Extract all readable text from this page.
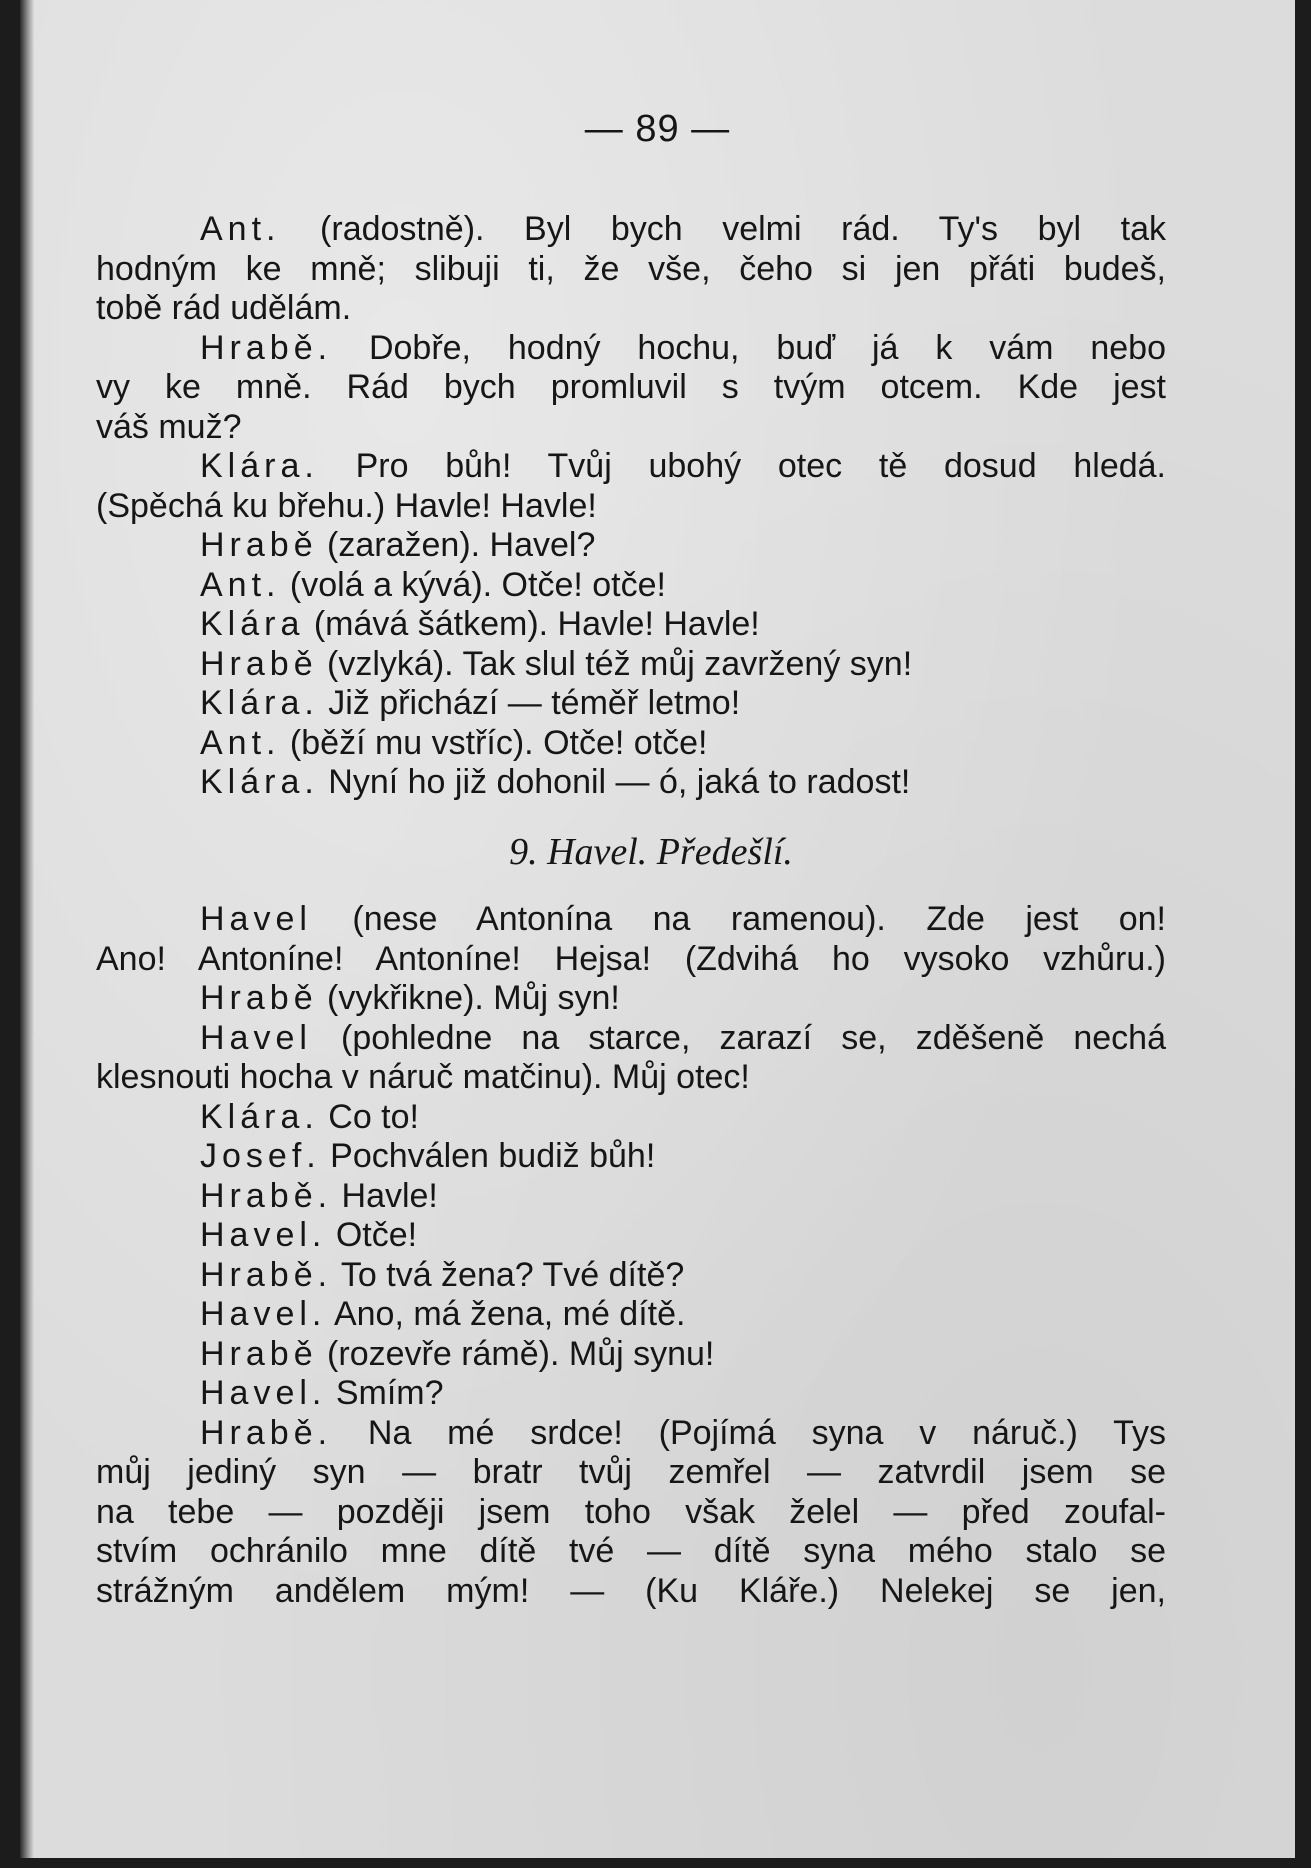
— 89 —
Ant. (radostně). Byl bych velmi rád. Ty's byl tak
hodným ke mně; slibuji ti, že vše, čeho si jen přáti budeš,
tobě rád udělám.
Hrabě. Dobře, hodný hochu, buď já k vám nebo
vy ke mně. Rád bych promluvil s tvým otcem. Kde jest
váš muž?
Klára. Pro bůh! Tvůj ubohý otec tě dosud hledá.
(Spěchá ku břehu.) Havle! Havle!
Hrabě (zaražen). Havel?
Ant. (volá a kývá). Otče! otče!
Klára (mává šátkem). Havle! Havle!
Hrabě (vzlyká). Tak slul též můj zavržený syn!
Klára. Již přichází — téměř letmo!
Ant. (běží mu vstříc). Otče! otče!
Klára. Nyní ho již dohonil — ó, jaká to radost!
9. Havel. Předešlí.
Havel (nese Antonína na ramenou). Zde jest on!
Ano! Antoníne! Antoníne! Hejsa! (Zdvihá ho vysoko vzhůru.)
Hrabě (vykřikne). Můj syn!
Havel (pohledne na starce, zarazí se, zděšeně nechá
klesnouti hocha v náruč matčinu). Můj otec!
Klára. Co to!
Josef. Pochválen budiž bůh!
Hrabě. Havle!
Havel. Otče!
Hrabě. To tvá žena? Tvé dítě?
Havel. Ano, má žena, mé dítě.
Hrabě (rozevře rámě). Můj synu!
Havel. Smím?
Hrabě. Na mé srdce! (Pojímá syna v náruč.) Tys
můj jediný syn — bratr tvůj zemřel — zatvrdil jsem se
na tebe — později jsem toho však želel — před zoufal-
stvím ochránilo mne dítě tvé — dítě syna mého stalo se
strážným andělem mým! — (Ku Kláře.) Nelekej se jen,
